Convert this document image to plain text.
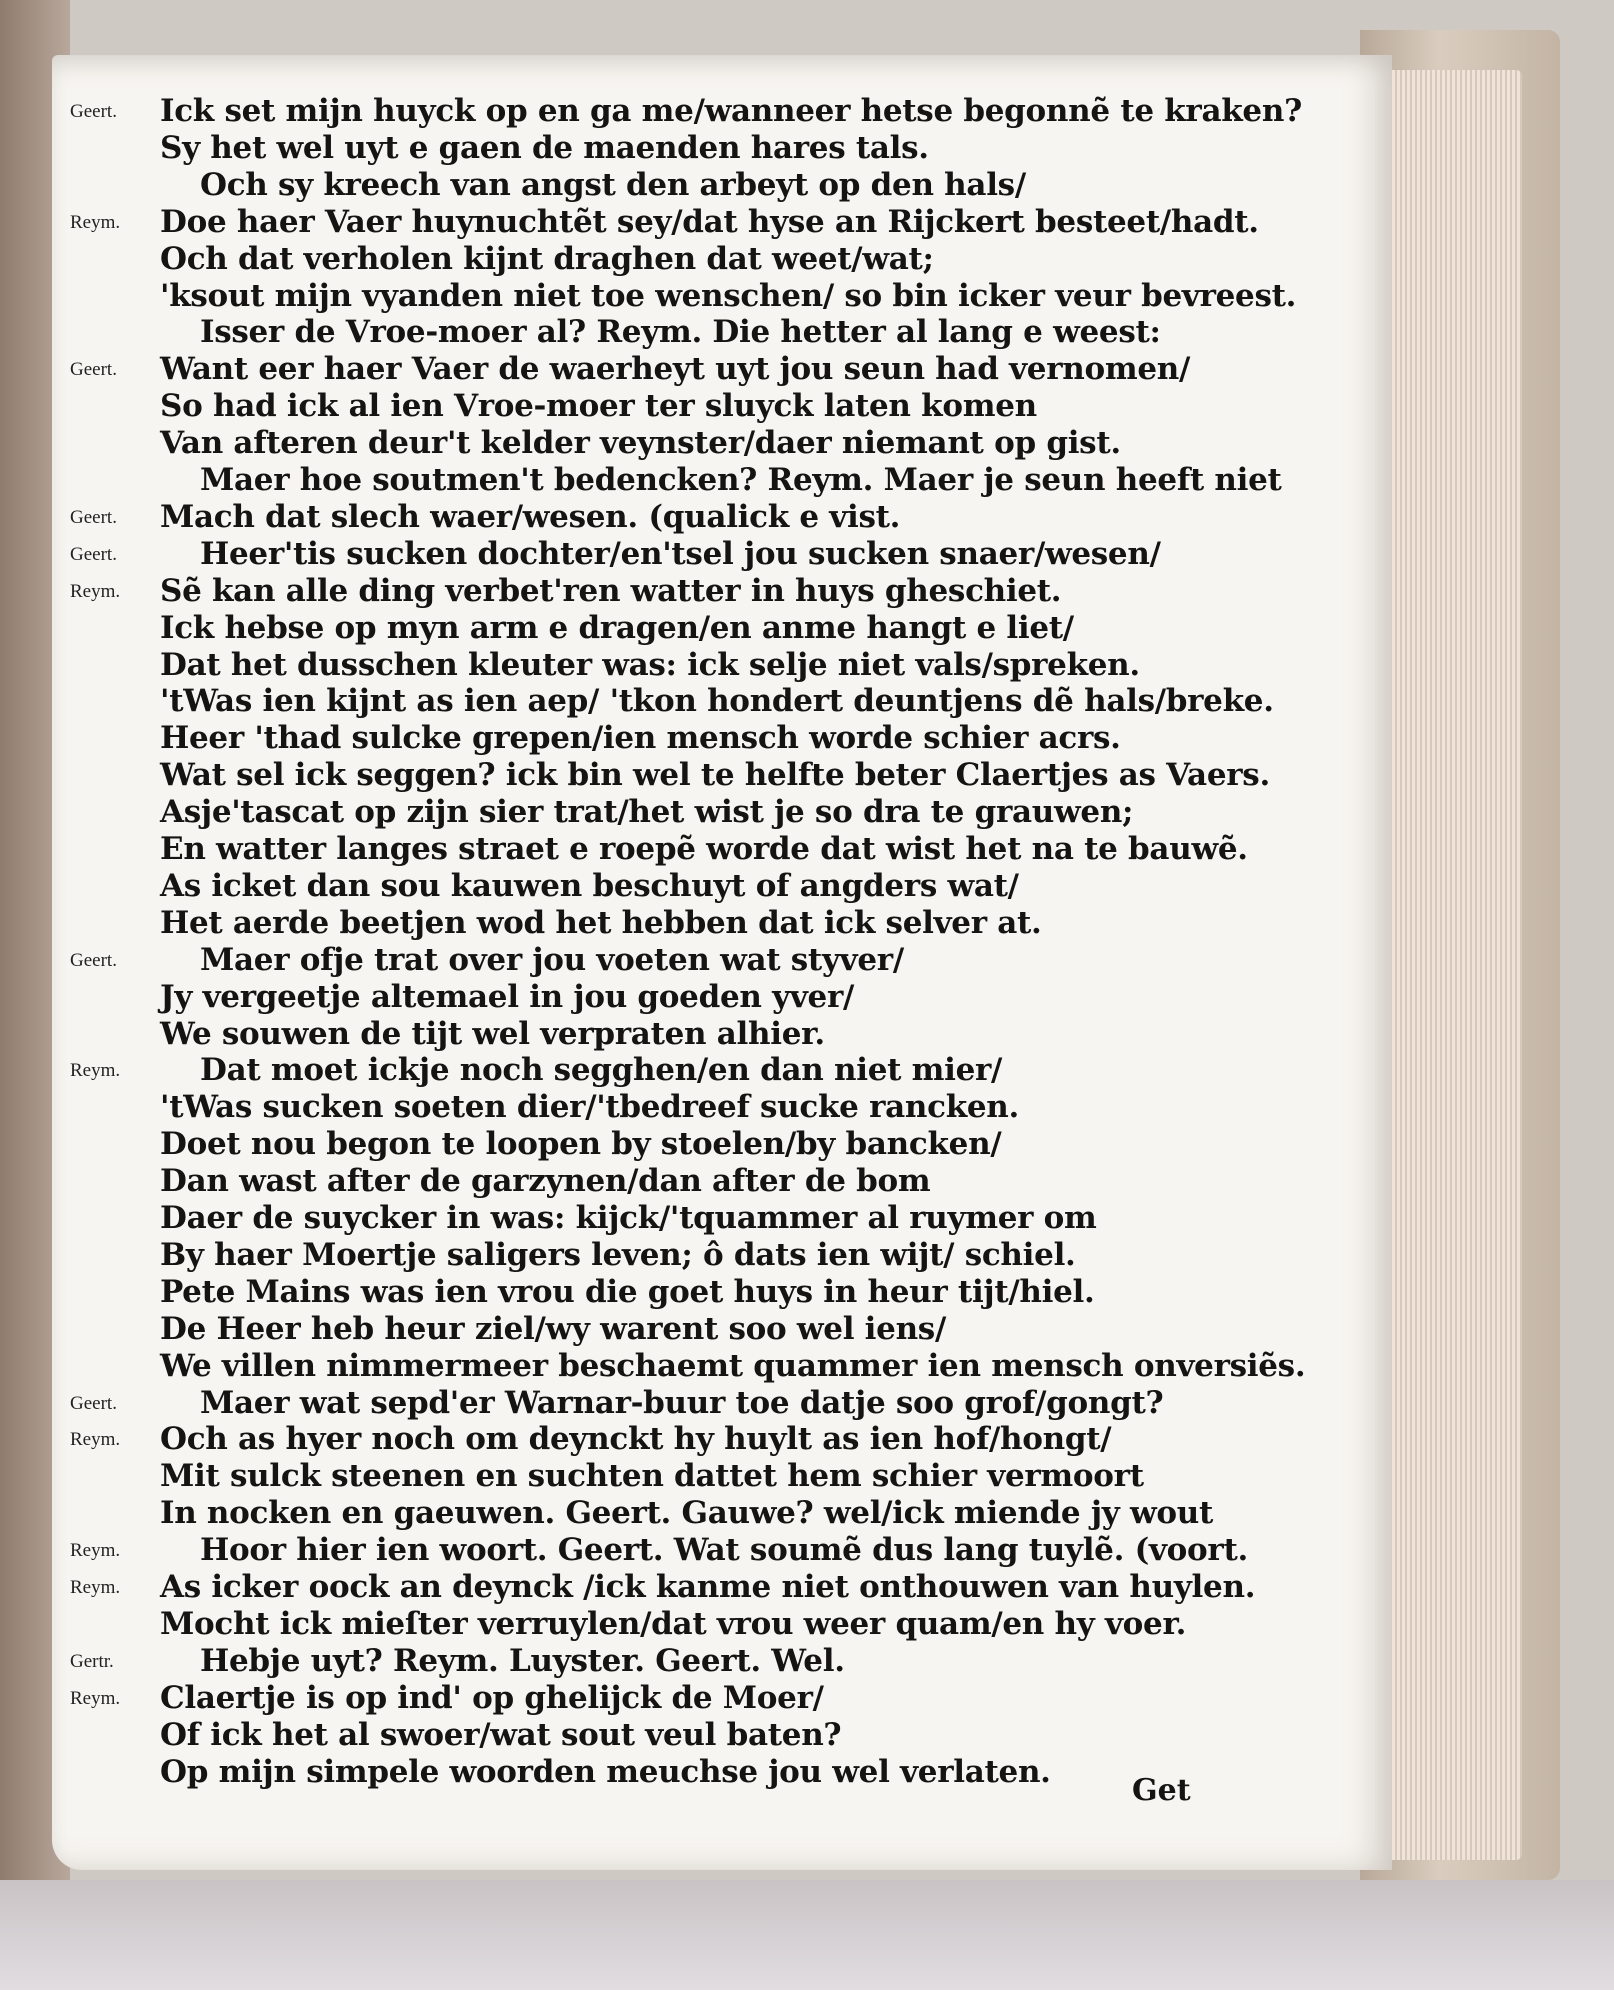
Ick set mijn huyck op en ga me/wanneer hetse begonnẽ te kraken?
Sy het wel uyt e gaen de maenden hares tals.
Och sy kreech van angst den arbeyt op den hals/
Doe haer Vaer huynuchtẽt sey/dat hyse an Rijckert besteet/hadt.
Och dat verholen kijnt draghen dat weet/wat;
'ksout mijn vyanden niet toe wenschen/ so bin icker veur bevreest.
Isser de Vroe-moer al? Reym. Die hetter al lang e weest:
Want eer haer Vaer de waerheyt uyt jou seun had vernomen/
So had ick al ien Vroe-moer ter sluyck laten komen
Van afteren deur't kelder veynster/daer niemant op gist.
Maer hoe soutmen't bedencken? Reym. Maer je seun heeft niet
Mach dat slech waer/wesen. (qualick e vist.
Heer'tis sucken dochter/en'tsel jou sucken snaer/wesen/
Sẽ kan alle ding verbet'ren watter in huys gheschiet.
Ick hebse op myn arm e dragen/en anme hangt e liet/
Dat het dusschen kleuter was: ick selje niet vals/spreken.
'tWas ien kijnt as ien aep/ 'tkon hondert deuntjens dẽ hals/breke.
Heer 'thad sulcke grepen/ien mensch worde schier acrs.
Wat sel ick seggen? ick bin wel te helfte beter Claertjes as Vaers.
Asje'tascat op zijn sier trat/het wist je so dra te grauwen;
En watter langes straet e roepẽ worde dat wist het na te bauwẽ.
As icket dan sou kauwen beschuyt of angders wat/
Het aerde beetjen wod het hebben dat ick selver at.
Maer ofje trat over jou voeten wat styver/
Jy vergeetje altemael in jou goeden yver/
We souwen de tijt wel verpraten alhier.
Dat moet ickje noch segghen/en dan niet mier/
'tWas sucken soeten dier/'tbedreef sucke rancken.
Doet nou begon te loopen by stoelen/by bancken/
Dan wast after de garzynen/dan after de bom
Daer de suycker in was: kijck/'tquammer al ruymer om
By haer Moertje saligers leven; ô dats ien wijt/ schiel.
Pete Mains was ien vrou die goet huys in heur tijt/hiel.
De Heer heb heur ziel/wy warent soo wel iens/
We villen nimmermeer beschaemt quammer ien mensch onversiẽs.
Maer wat sepd'er Warnar-buur toe datje soo grof/gongt?
Och as hyer noch om deynckt hy huylt as ien hof/hongt/
Mit sulck steenen en suchten dattet hem schier vermoort
In nocken en gaeuwen. Geert. Gauwe? wel/ick miende jy wout
Hoor hier ien woort. Geert. Wat soumẽ dus lang tuylẽ. (voort.
As icker oock an deynck /ick kanme niet onthouwen van huylen.
Mocht ick mieſter verruylen/dat vrou weer quam/en hy voer.
Hebje uyt? Reym. Luyster. Geert. Wel.
Claertje is op ind' op ghelijck de Moer/
Of ick het al swoer/wat sout veul baten?
Op mijn simpele woorden meuchse jou wel verlaten.
Geert.
Reym.
Geert.
Geert.
Geert.
Reym.
Geert.
Reym.
Geert.
Reym.
Reym.
Reym.
Gertr.
Reym.
Get
